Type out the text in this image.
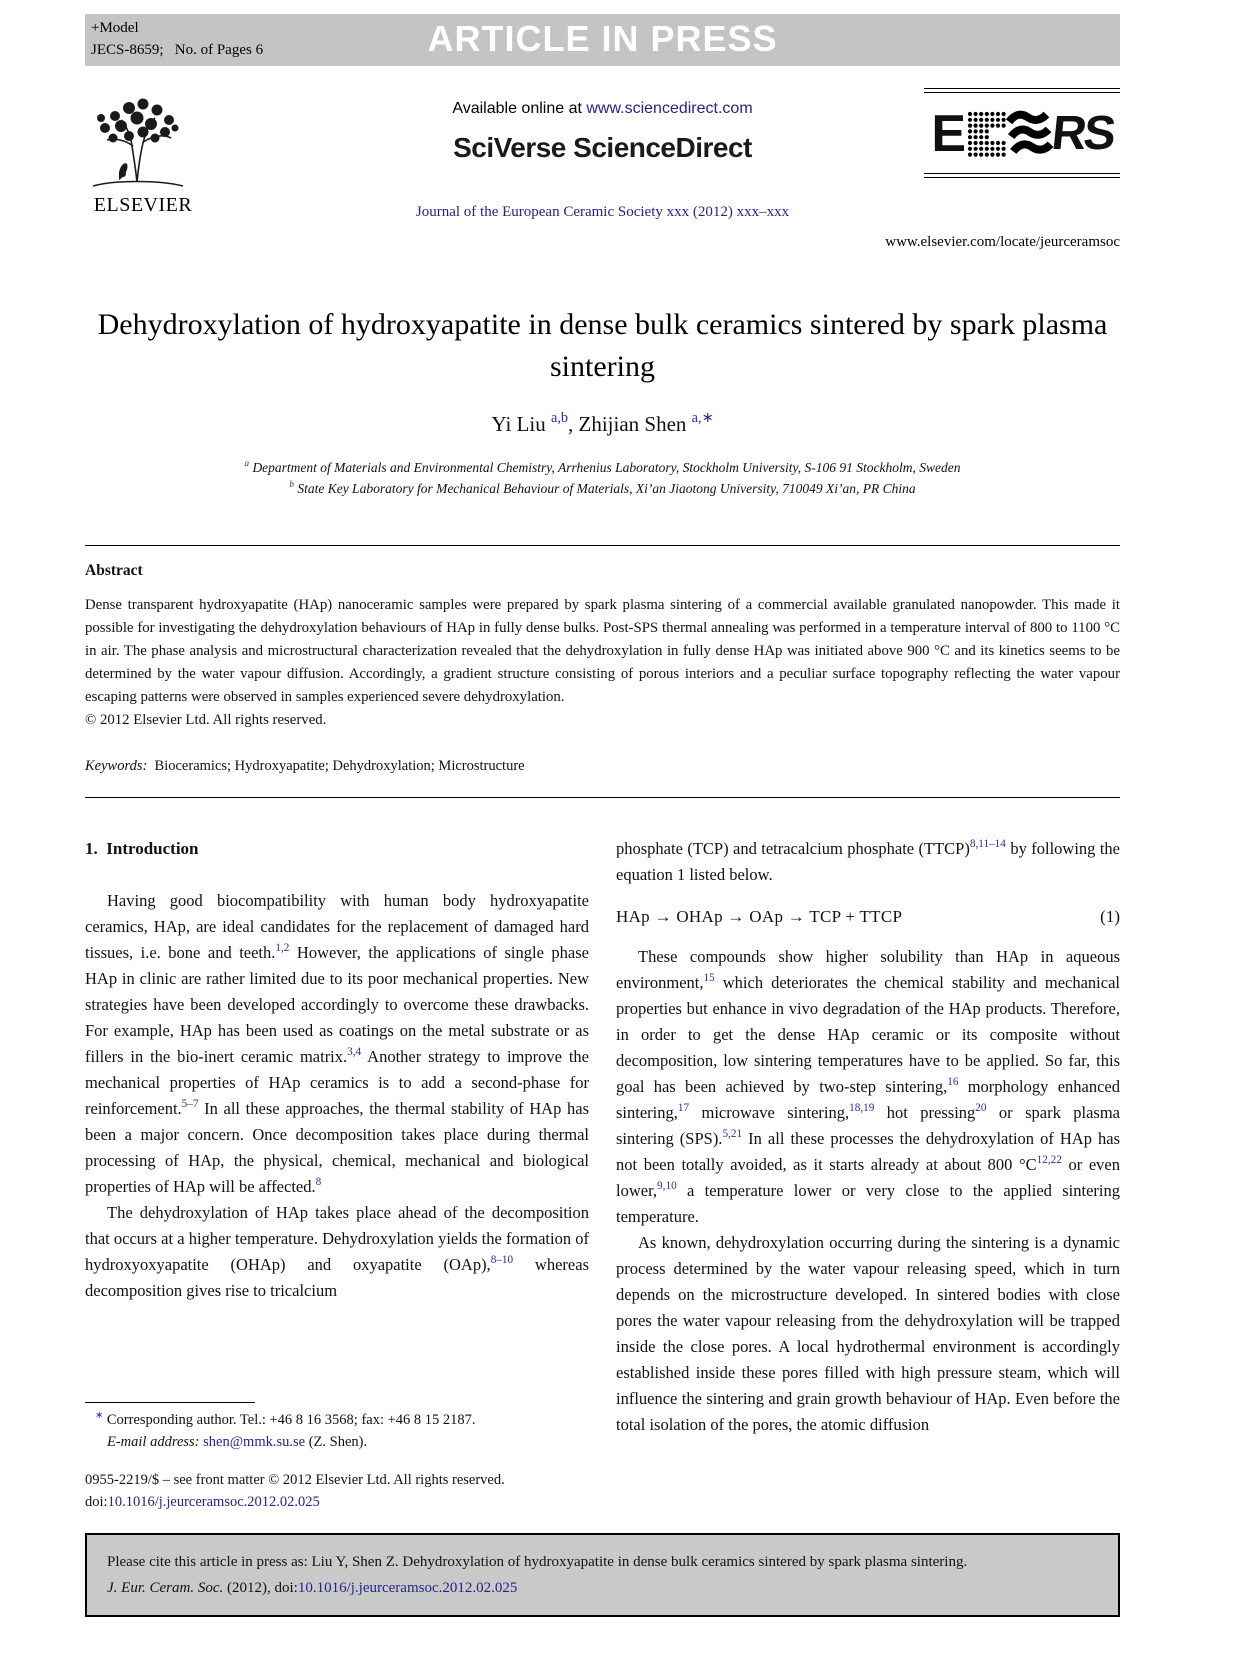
+Model
JECS-8659;  No. of Pages 6	ARTICLE IN PRESS
ELSEVIER
Available online at www.sciencedirect.com
SciVerse ScienceDirect
Journal of the European Ceramic Society xxx (2012) xxx–xxx
E RS
www.elsevier.com/locate/jeurceramsoc
Dehydroxylation of hydroxyapatite in dense bulk ceramics sintered by spark plasma sintering
Yi Liu $^{a,b}$, Zhijian Shen $^{a,∗}$
$^a$ Department of Materials and Environmental Chemistry, Arrhenius Laboratory, Stockholm University, S-106 91 Stockholm, Sweden
$^b$ State Key Laboratory for Mechanical Behaviour of Materials, Xi’an Jiaotong University, 710049 Xi’an, PR China
Abstract
Dense transparent hydroxyapatite (HAp) nanoceramic samples were prepared by spark plasma sintering of a commercial available granulated nanopowder. This made it possible for investigating the dehydroxylation behaviours of HAp in fully dense bulks. Post-SPS thermal annealing was performed in a temperature interval of 800 to 1100 °C in air. The phase analysis and microstructural characterization revealed that the dehydroxylation in fully dense HAp was initiated above 900 °C and its kinetics seems to be determined by the water vapour diffusion. Accordingly, a gradient structure consisting of porous interiors and a peculiar surface topography reflecting the water vapour escaping patterns were observed in samples experienced severe dehydroxylation.
© 2012 Elsevier Ltd. All rights reserved.
Keywords: Bioceramics; Hydroxyapatite; Dehydroxylation; Microstructure
1. Introduction

Having good biocompatibility with human body hydroxyapatite ceramics, HAp, are ideal candidates for the replacement of damaged hard tissues, i.e. bone and teeth.$^{1,2}$ However, the applications of single phase HAp in clinic are rather limited due to its poor mechanical properties. New strategies have been developed accordingly to overcome these drawbacks. For example, HAp has been used as coatings on the metal substrate or as fillers in the bio-inert ceramic matrix.$^{3,4}$ Another strategy to improve the mechanical properties of HAp ceramics is to add a second-phase for reinforcement.$^{5-7}$ In all these approaches, the thermal stability of HAp has been a major concern. Once decomposition takes place during thermal processing of HAp, the physical, chemical, mechanical and biological properties of HAp will be affected.$^8$

The dehydroxylation of HAp takes place ahead of the decomposition that occurs at a higher temperature. Dehydroxylation yields the formation of hydroxyoxyapatite (OHAp) and oxyapatite (OAp),$^{8-10}$ whereas decomposition gives rise to tricalcium

∗ Corresponding author. Tel.: +46 8 16 3568; fax: +46 8 15 2187.
E-mail address: shen@mmk.su.se (Z. Shen).
0955-2219/$ – see front matter © 2012 Elsevier Ltd. All rights reserved.
doi:10.1016/j.jeurceramsoc.2012.02.025

phosphate (TCP) and tetracalcium phosphate (TTCP)$^{8,11-14}$ by following the equation 1 listed below.

HAp → OHAp → OAp → TCP + TTCP	(1)

These compounds show higher solubility than HAp in aqueous environment,$^{15}$ which deteriorates the chemical stability and mechanical properties but enhance in vivo degradation of the HAp products. Therefore, in order to get the dense HAp ceramic or its composite without decomposition, low sintering temperatures have to be applied. So far, this goal has been achieved by two-step sintering,$^{16}$ morphology enhanced sintering,$^{17}$ microwave sintering,$^{18,19}$ hot pressing$^{20}$ or spark plasma sintering (SPS).$^{5,21}$ In all these processes the dehydroxylation of HAp has not been totally avoided, as it starts already at about 800 °C$^{12,22}$ or even lower,$^{9,10}$ a temperature lower or very close to the applied sintering temperature.

As known, dehydroxylation occurring during the sintering is a dynamic process determined by the water vapour releasing speed, which in turn depends on the microstructure developed. In sintered bodies with close pores the water vapour releasing from the dehydroxylation will be trapped inside the close pores. A local hydrothermal environment is accordingly established inside these pores filled with high pressure steam, which will influence the sintering and grain growth behaviour of HAp. Even before the total isolation of the pores, the atomic diffusion

Please cite this article in press as: Liu Y, Shen Z. Dehydroxylation of hydroxyapatite in dense bulk ceramics sintered by spark plasma sintering.
J. Eur. Ceram. Soc. (2012), doi:10.1016/j.jeurceramsoc.2012.02.025
